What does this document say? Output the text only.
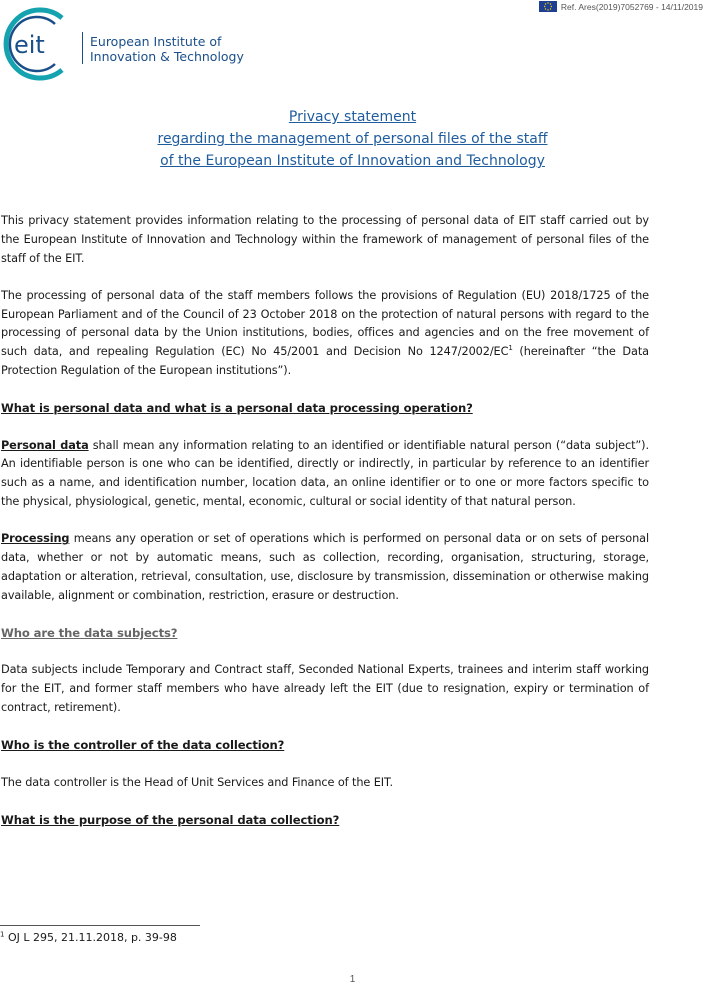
Ref. Ares(2019)7052769 - 14/11/2019
eit	European Institute of
Innovation & Technology
Privacy statement
regarding the management of personal files of the staff
of the European Institute of Innovation and Technology

This privacy statement provides information relating to the processing of personal data of EIT staff carried out by the European Institute of Innovation and Technology within the framework of management of personal files of the staff of the EIT.

The processing of personal data of the staff members follows the provisions of Regulation (EU) 2018/1725 of the European Parliament and of the Council of 23 October 2018 on the protection of natural persons with regard to the processing of personal data by the Union institutions, bodies, offices and agencies and on the free movement of such data, and repealing Regulation (EC) No 45/2001 and Decision No $1247/2002/EC^1$ (hereinafter “the Data Protection Regulation of the European institutions”).

What is personal data and what is a personal data processing operation?

Personal data shall mean any information relating to an identified or identifiable natural person (“data subject”). An identifiable person is one who can be identified, directly or indirectly, in particular by reference to an identifier such as a name, and identification number, location data, an online identifier or to one or more factors specific to the physical, physiological, genetic, mental, economic, cultural or social identity of that natural person.

Processing means any operation or set of operations which is performed on personal data or on sets of personal data, whether or not by automatic means, such as collection, recording, organisation, structuring, storage, adaptation or alteration, retrieval, consultation, use, disclosure by transmission, dissemination or otherwise making available, alignment or combination, restriction, erasure or destruction.

Who are the data subjects?

Data subjects include Temporary and Contract staff, Seconded National Experts, trainees and interim staff working for the EIT, and former staff members who have already left the EIT (due to resignation, expiry or termination of contract, retirement).

Who is the controller of the data collection?

The data controller is the Head of Unit Services and Finance of the EIT.

What is the purpose of the personal data collection?
$^1$ OJ L 295, 21.11.2018, p. 39-98
1
